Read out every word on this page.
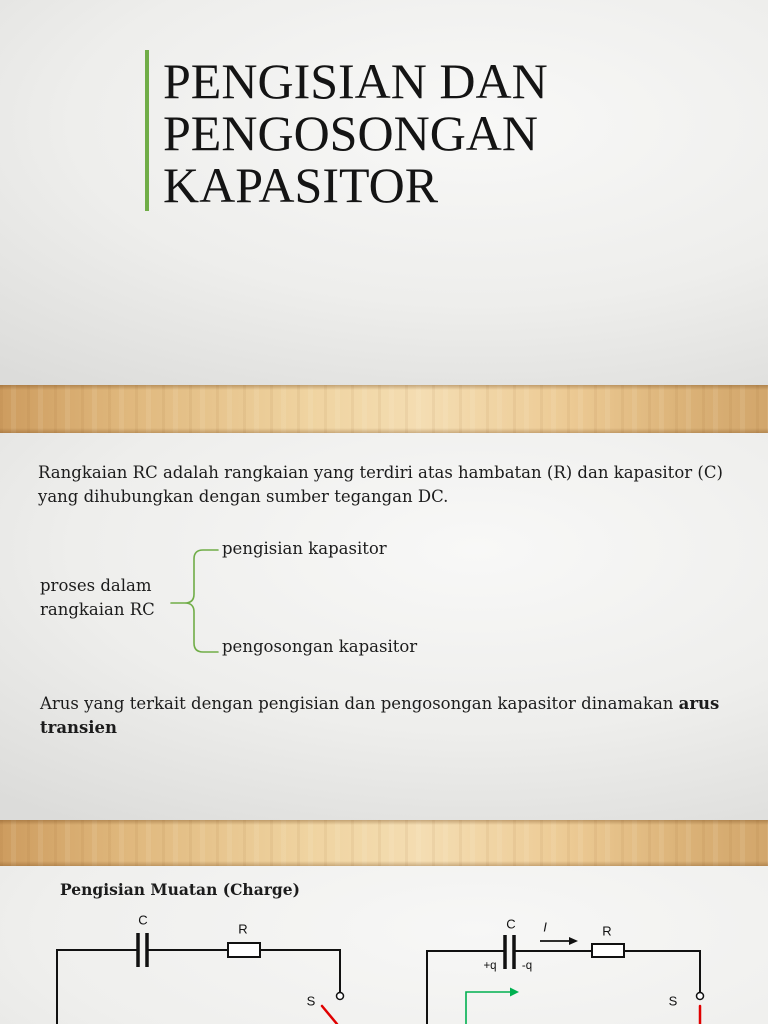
PENGISIAN DAN PENGOSONGAN KAPASITOR

Rangkaian RC adalah rangkaian yang terdiri atas hambatan (R) dan kapasitor (C)
yang dihubungkan dengan sumber tegangan DC.

pengisian kapasitor
proses dalam rangkaian RC
pengosongan kapasitor

Arus yang terkait dengan pengisian dan pengosongan kapasitor dinamakan arus transien

Pengisian Muatan (Charge)
C
R
S
C I	R
+q -q
S
